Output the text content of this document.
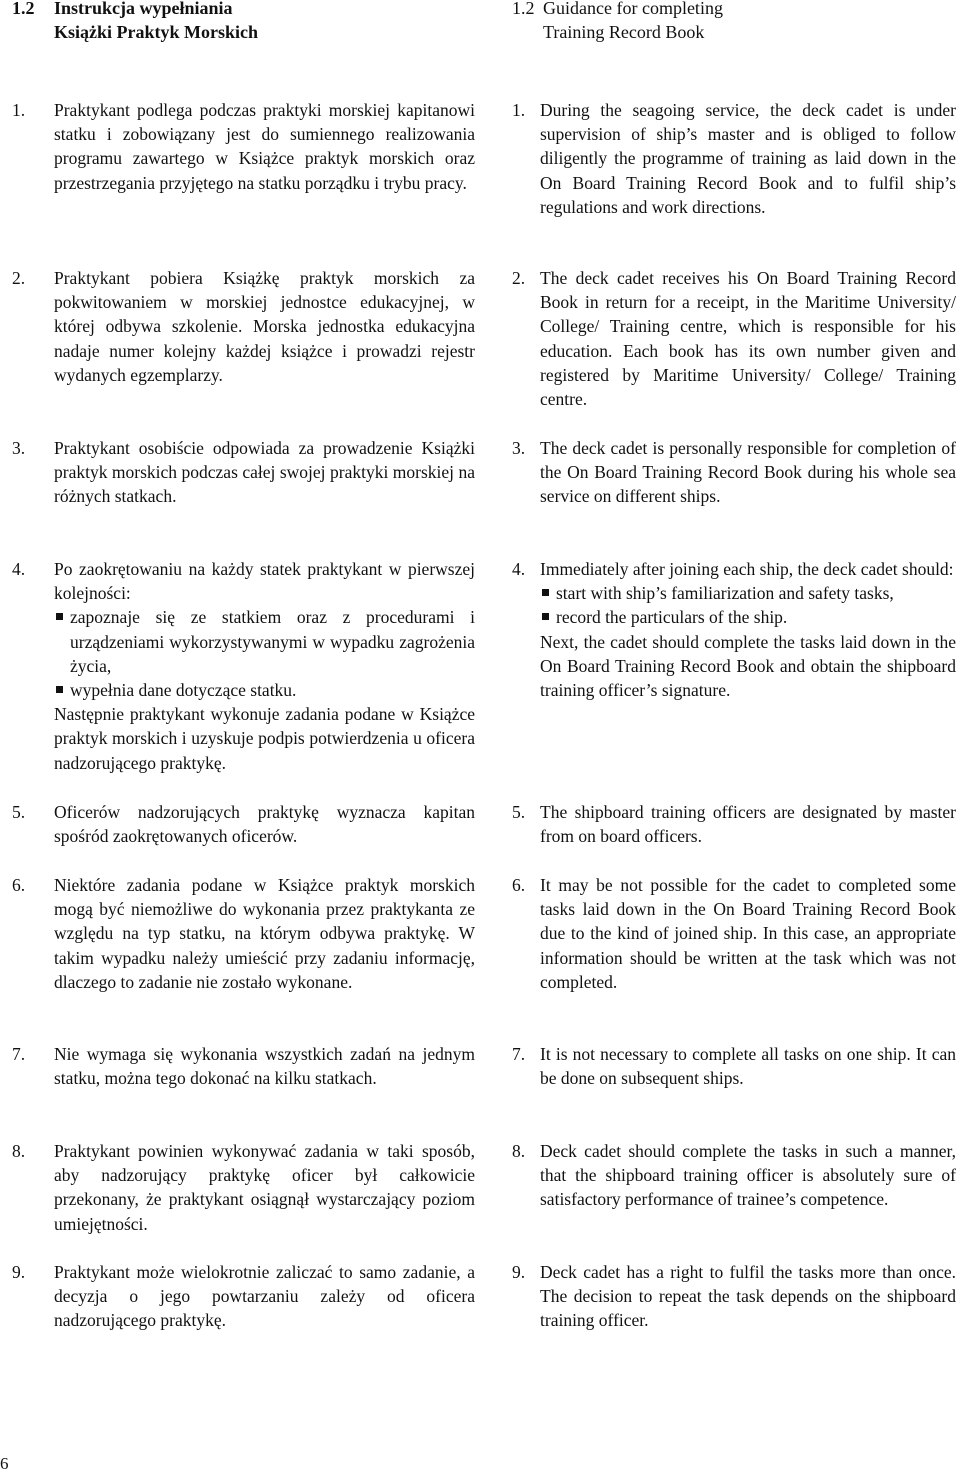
1.2	Instrukcja wypełniania
Książki Praktyk Morskich
1.	Praktykant podlega podczas praktyki morskiej kapitanowi statku i zobowiązany jest do sumiennego realizowania programu zawartego w Książce praktyk morskich oraz przestrzegania przyjętego na statku porządku i trybu pracy.

2.	Praktykant pobiera Książkę praktyk morskich za pokwitowaniem w morskiej jednostce edukacyjnej, w której odbywa szkolenie. Morska jednostka edukacyjna nadaje numer kolejny każdej książce i prowadzi rejestr wydanych egzemplarzy.

3.	Praktykant osobiście odpowiada za prowadzenie Książki praktyk morskich podczas całej swojej praktyki morskiej na różnych statkach.

4.	Po zaokrętowaniu na każdy statek praktykant w pierwszej kolejności:

zapoznaje się ze statkiem oraz z procedurami i urządzeniami wykorzystywanymi w wypadku zagrożenia życia,
wypełnia dane dotyczące statku.

Następnie praktykant wykonuje zadania podane w Książce praktyk morskich i uzyskuje podpis potwierdzenia u oficera nadzorującego praktykę.

5.	Oficerów nadzorujących praktykę wyznacza kapitan spośród zaokrętowanych oficerów.

6.	Niektóre zadania podane w Książce praktyk morskich mogą być niemożliwe do wykonania przez praktykanta ze względu na typ statku, na którym odbywa praktykę. W takim wypadku należy umieścić przy zadaniu informację, dlaczego to zadanie nie zostało wykonane.

7.	Nie wymaga się wykonania wszystkich zadań na jednym statku, można tego dokonać na kilku statkach.

8.	Praktykant powinien wykonywać zadania w taki sposób, aby nadzorujący praktykę oficer był całkowicie przekonany, że praktykant osiągnął wystarczający poziom umiejętności.

9.	Praktykant może wielokrotnie zaliczać to samo zadanie, a decyzja o jego powtarzaniu zależy od oficera nadzorującego praktykę.

1.2 Guidance for completing
Training Record Book
1. During the seagoing service, the deck cadet is under supervision of ship’s master and is obliged to follow diligently the programme of training as laid down in the On Board Training Record Book and to fulfil ship’s regulations and work directions.

2. The deck cadet receives his On Board Training Record Book in return for a receipt, in the Maritime University/ College/ Training centre, which is responsible for his education. Each book has its own number given and registered by Maritime University/ College/ Training centre.

3. The deck cadet is personally responsible for completion of the On Board Training Record Book during his whole sea service on different ships.

4. Immediately after joining each ship, the deck cadet should:

start with ship’s familiarization and safety tasks,
record the particulars of the ship.

Next, the cadet should complete the tasks laid down in the On Board Training Record Book and obtain the shipboard training officer’s signature.

5. The shipboard training officers are designated by master from on board officers.

6. It may be not possible for the cadet to completed some tasks laid down in the On Board Training Record Book due to the kind of joined ship. In this case, an appropriate information should be written at the task which was not completed.

7. It is not necessary to complete all tasks on one ship. It can be done on subsequent ships.

8. Deck cadet should complete the tasks in such a manner, that the shipboard training officer is absolutely sure of satisfactory performance of trainee’s competence.

9. Deck cadet has a right to fulfil the tasks more than once. The decision to repeat the task depends on the shipboard training officer.

6
